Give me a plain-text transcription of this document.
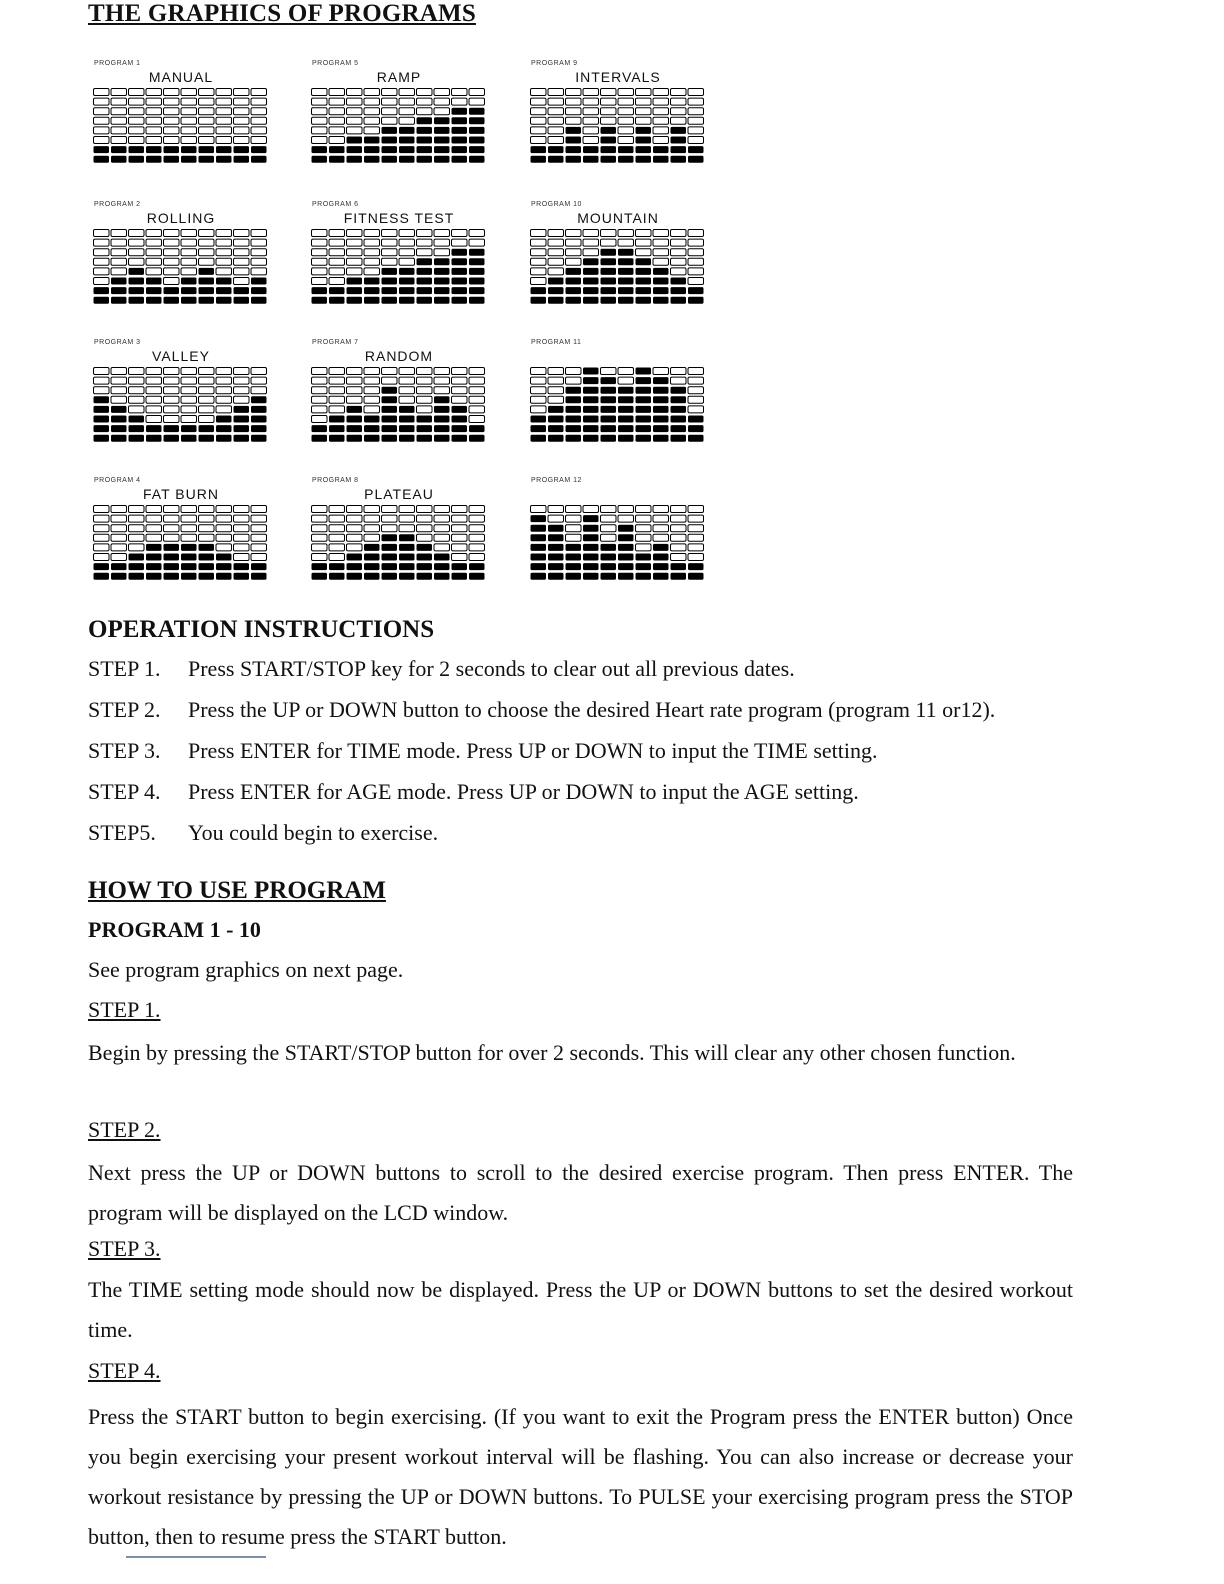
THE GRAPHICS OF PROGRAMS
PROGRAM 1
MANUAL
PROGRAM 5
RAMP
PROGRAM 9
INTERVALS
PROGRAM 2
ROLLING
PROGRAM 6
FITNESS TEST
PROGRAM 10
MOUNTAIN
PROGRAM 3
VALLEY
PROGRAM 7
RANDOM
PROGRAM 11
PROGRAM 4
FAT BURN
PROGRAM 8
PLATEAU
PROGRAM 12
OPERATION INSTRUCTIONS
STEP 1. Press START/STOP key for 2 seconds to clear out all previous dates.
STEP 2. Press the UP or DOWN button to choose the desired Heart rate program (program 11 or12).
STEP 3. Press ENTER for TIME mode. Press UP or DOWN to input the TIME setting.
STEP 4. Press ENTER for AGE mode. Press UP or DOWN to input the AGE setting.
STEP5. You could begin to exercise.
HOW TO USE PROGRAM
PROGRAM 1 - 10
See program graphics on next page.
STEP 1.
Begin by pressing the START/STOP button for over 2 seconds. This will clear any other chosen function.
STEP 2.
Next press the UP or DOWN buttons to scroll to the desired exercise program. Then press ENTER. The program will be displayed on the LCD window.
STEP 3.
The TIME setting mode should now be displayed. Press the UP or DOWN buttons to set the desired workout time.
STEP 4.
Press the START button to begin exercising. (If you want to exit the Program press the ENTER button) Once you begin exercising your present workout interval will be flashing. You can also increase or decrease your workout resistance by pressing the UP or DOWN buttons. To PULSE your exercising program press the STOP button, then to resume press the START button.
